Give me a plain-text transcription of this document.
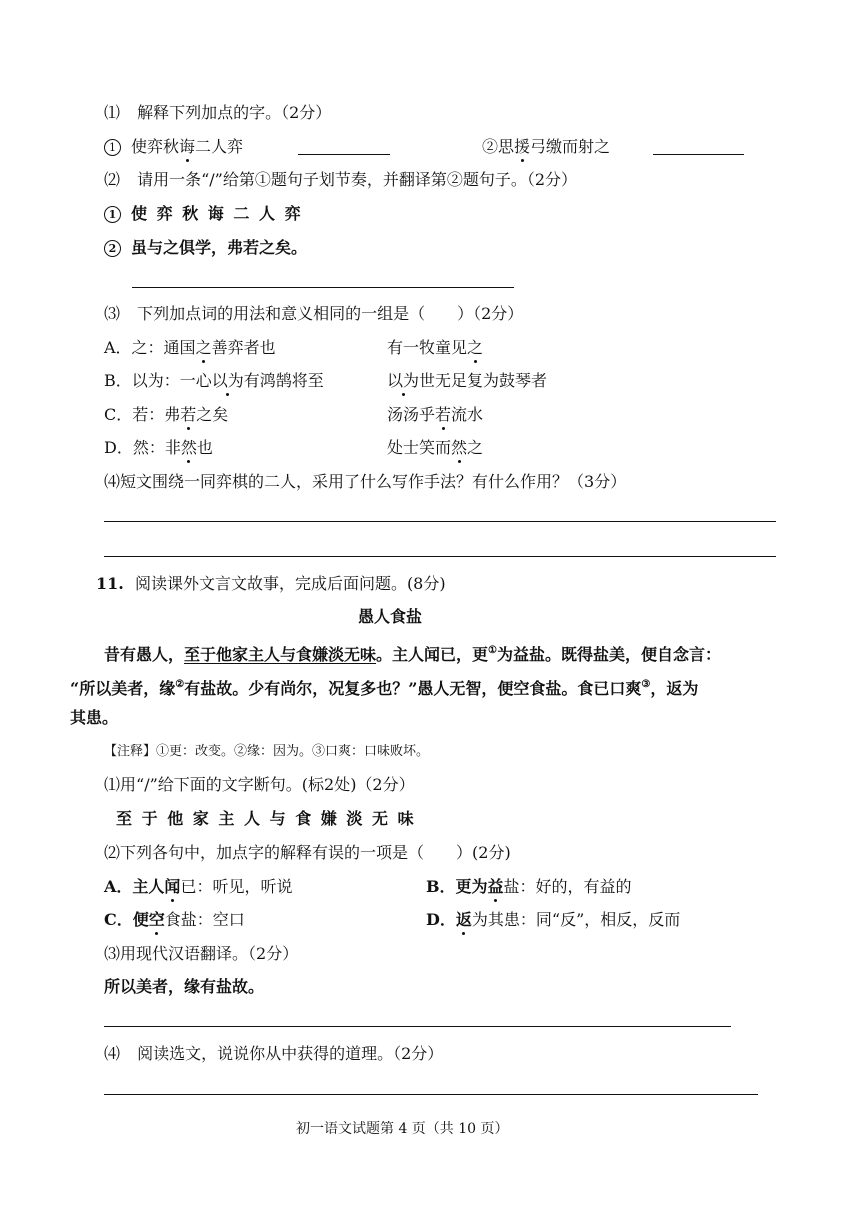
⑴ 解释下列加点的字。（2分）
1 使弈秋诲二人弈	②思援弓缴而射之
⑵ 请用一条“/”给第①题句子划节奏，并翻译第②题句子。（2分）
1 使弈秋诲二人弈
2 虽与之俱学，弗若之矣。
⑶ 下列加点词的用法和意义相同的一组是（　　）（2分）
A．之：通国之善弈者也	有一牧童见之
B．以为：一心以为有鸿鹄将至	以为世无足复为鼓琴者
C．若：弗若之矣	汤汤乎若流水
D．然：非然也	处士笑而然之
⑷短文围绕一同弈棋的二人，采用了什么写作手法？有什么作用？（3分）
11. 阅读课外文言文故事，完成后面问题。(8分)
愚人食盐
昔有愚人，至于他家主人与食嫌淡无味。主人闻已，更①为益盐。既得盐美，便自念言：
“所以美者，缘②有盐故。少有尚尔，况复多也？”愚人无智，便空食盐。食已口爽③，返为
其患。
【注释】①更：改变。②缘：因为。③口爽：口味败坏。
⑴用“/”给下面的文字断句。(标2处)（2分）
至于他家主人与食嫌淡无味
⑵下列各句中，加点字的解释有误的一项是（　　）(2分)
A．主人闻已：听见，听说	B．更为益盐：好的，有益的
C．便空食盐：空口	D．返为其患：同“反”，相反，反而
⑶用现代汉语翻译。（2分）
所以美者，缘有盐故。
⑷ 阅读选文，说说你从中获得的道理。（2分）
初一语文试题第 4 页（共 10 页）
